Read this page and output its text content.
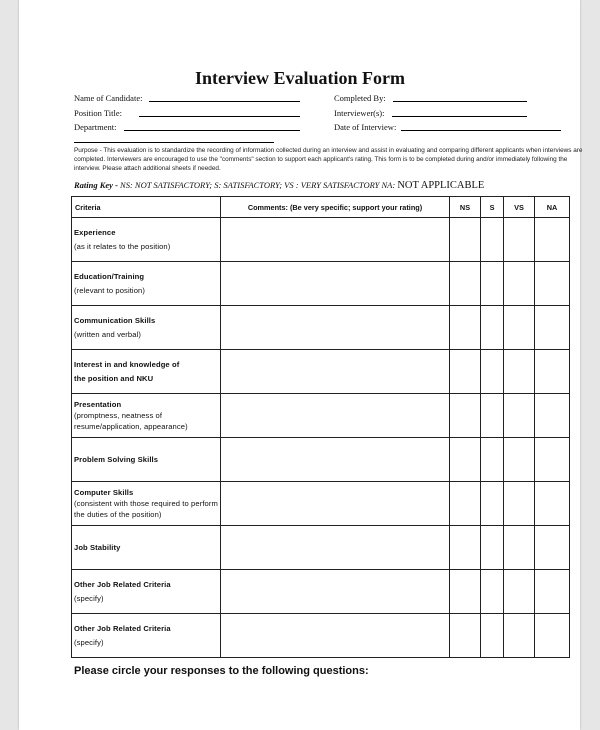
Interview Evaluation Form
Name of Candidate:
Position Title:
Department:
Completed By:
Interviewer(s):
Date of Interview:
Purpose - This evaluation is to standardize the recording of information collected during an interview and assist in evaluating and comparing different applicants when interviews are completed. Interviewers are encouraged to use the "comments" section to support each applicant's rating. This form is to be completed during and/or immediately following the interview. Please attach additional sheets if needed.
Rating Key - NS: NOT SATISFACTORY; S: SATISFACTORY; VS : VERY SATISFACTORY NA: NOT APPLICABLE
Criteria	Comments: (Be very specific; support your rating)	NS	S	VS	NA

Experience
(as it relates to the position)					

Education/Training
(relevant to position)					

Communication Skills
(written and verbal)					

Interest in and knowledge of
the position and NKU					

Presentation
(promptness, neatness of resume/application, appearance)					

Problem Solving Skills					

Computer Skills
(consistent with those required to perform the duties of the position)					

Job Stability					

Other Job Related Criteria
(specify)					

Other Job Related Criteria
(specify)					

Please circle your responses to the following questions:
